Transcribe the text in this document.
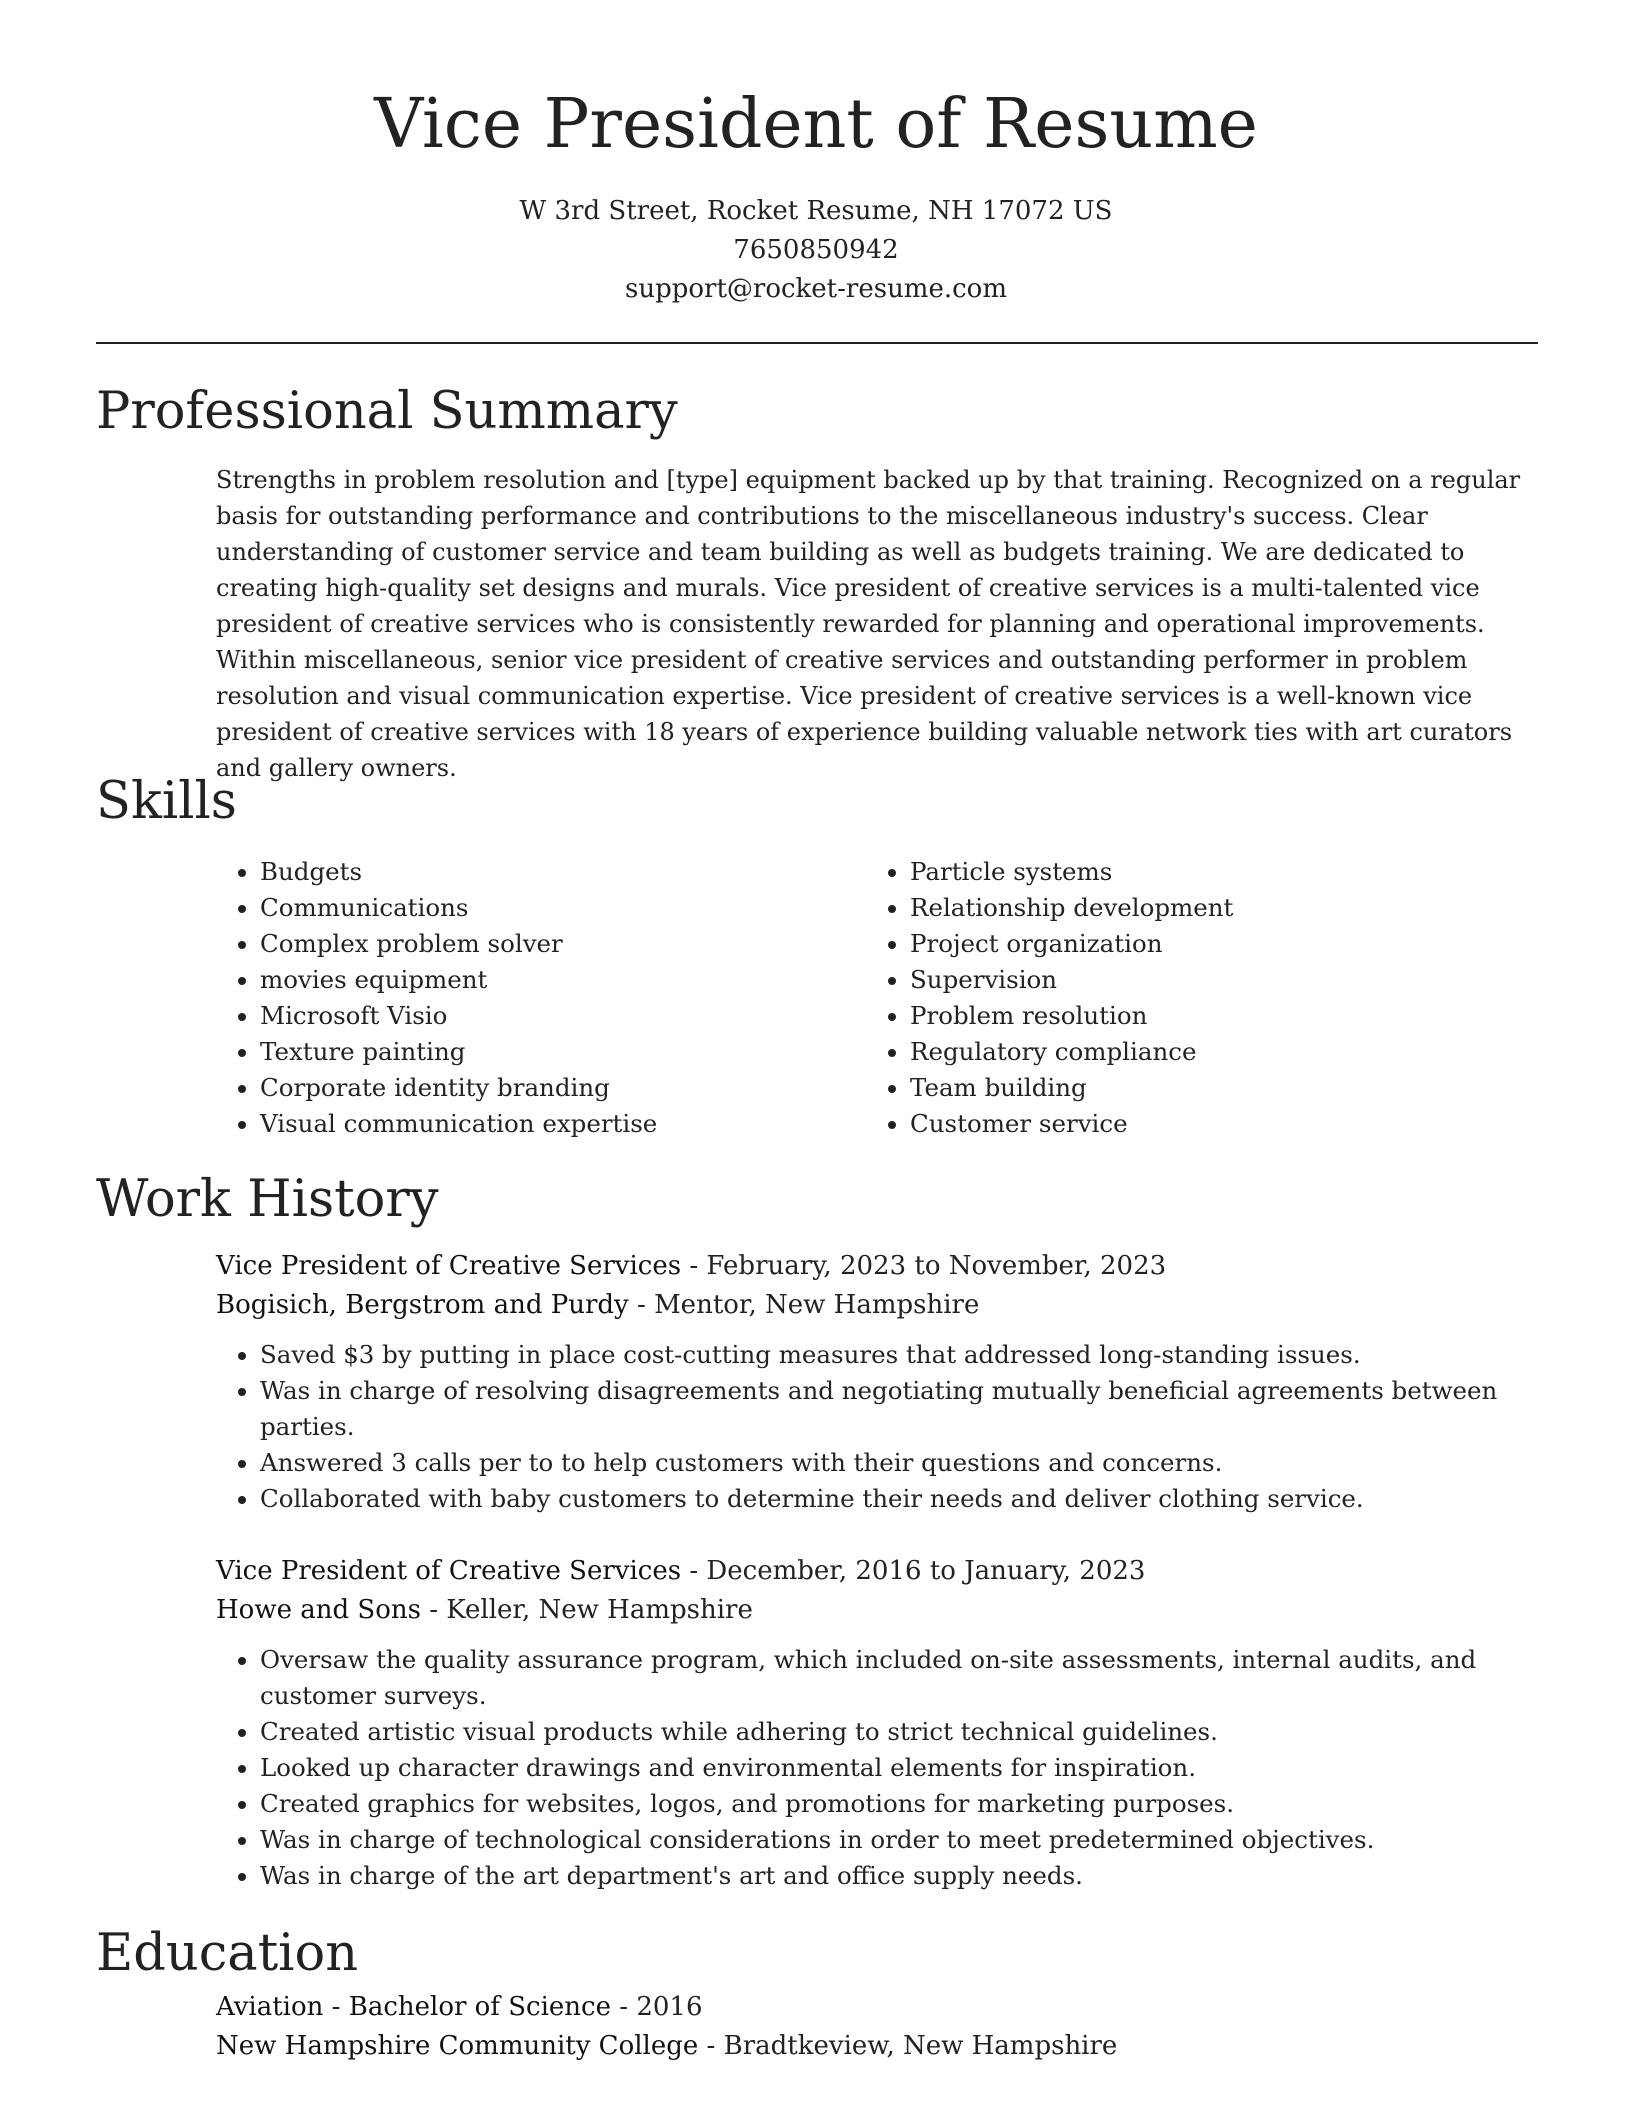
Vice President of Resume
W 3rd Street, Rocket Resume, NH 17072 US
7650850942
support@rocket-resume.com
Professional Summary

Strengths in problem resolution and [type] equipment backed up by that training. Recognized on a regular basis for outstanding performance and contributions to the miscellaneous industry's success. Clear understanding of customer service and team building as well as budgets training. We are dedicated to creating high-quality set designs and murals. Vice president of creative services is a multi-talented vice president of creative services who is consistently rewarded for planning and operational improvements. Within miscellaneous, senior vice president of creative services and outstanding performer in problem resolution and visual communication expertise. Vice president of creative services is a well-known vice president of creative services with 18 years of experience building valuable network ties with art curators and gallery owners.

Skills
• Budgets
• Communications
• Complex problem solver
• movies equipment
• Microsoft Visio
• Texture painting
• Corporate identity branding
• Visual communication expertise
• Particle systems
• Relationship development
• Project organization
• Supervision
• Problem resolution
• Regulatory compliance
• Team building
• Customer service
Work History
Vice President of Creative Services - February, 2023 to November, 2023
Bogisich, Bergstrom and Purdy - Mentor, New Hampshire
• Saved $3 by putting in place cost-cutting measures that addressed long-standing issues.
• Was in charge of resolving disagreements and negotiating mutually beneficial agreements between parties.
• Answered 3 calls per to to help customers with their questions and concerns.
• Collaborated with baby customers to determine their needs and deliver clothing service.
Vice President of Creative Services - December, 2016 to January, 2023
Howe and Sons - Keller, New Hampshire
• Oversaw the quality assurance program, which included on-site assessments, internal audits, and customer surveys.
• Created artistic visual products while adhering to strict technical guidelines.
• Looked up character drawings and environmental elements for inspiration.
• Created graphics for websites, logos, and promotions for marketing purposes.
• Was in charge of technological considerations in order to meet predetermined objectives.
• Was in charge of the art department's art and office supply needs.
Education
Aviation - Bachelor of Science - 2016
New Hampshire Community College - Bradtkeview, New Hampshire
